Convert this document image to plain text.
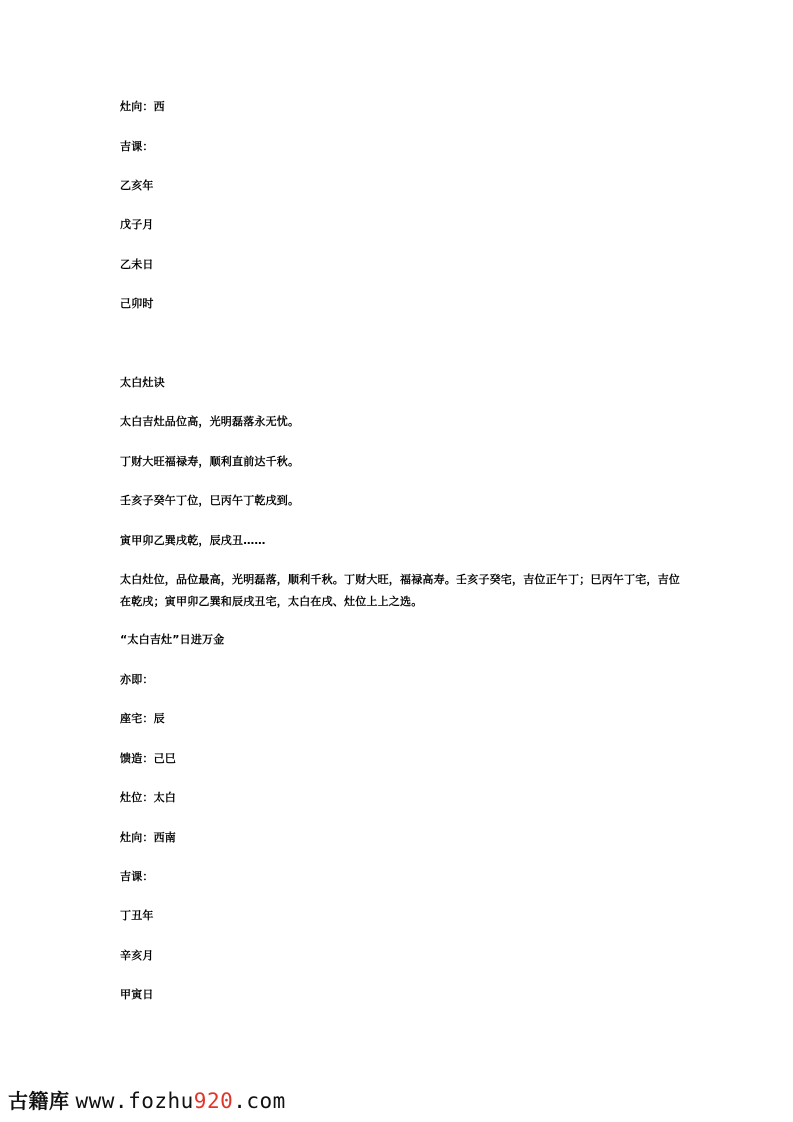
灶向：西
吉课：
乙亥年
戊子月
乙未日
己卯时
太白灶诀
太白吉灶品位高，光明磊落永无忧。
丁财大旺福禄寿，顺利直前达千秋。
壬亥子癸午丁位，巳丙午丁乾戌到。
寅甲卯乙巽戌乾，辰戌丑……
太白灶位，品位最高，光明磊落，顺利千秋。丁财大旺，福禄高寿。壬亥子癸宅，吉位正午丁；巳丙午丁宅，吉位在乾戌；寅甲卯乙巽和辰戌丑宅，太白在戌、灶位上上之选。
“太白吉灶”日进万金
亦即：
座宅：辰
馈造：己巳
灶位：太白
灶向：西南
吉课：
丁丑年
辛亥月
甲寅日
古籍库 www.fozhu920.com
